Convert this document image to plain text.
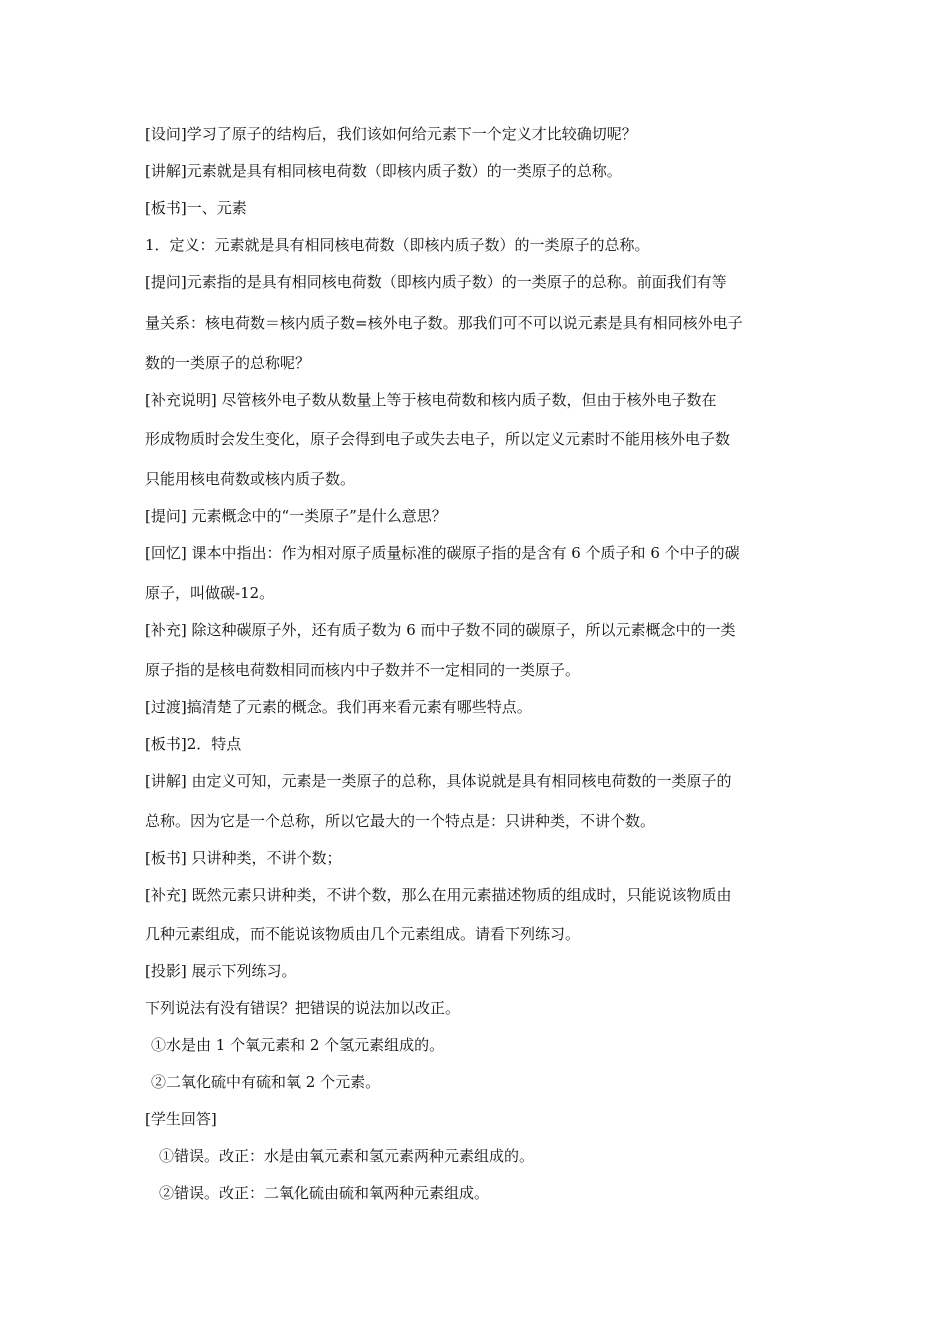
[设问]学习了原子的结构后，我们该如何给元素下一个定义才比较确切呢？

[讲解]元素就是具有相同核电荷数（即核内质子数）的一类原子的总称。

[板书]一、元素

1．定义：元素就是具有相同核电荷数（即核内质子数）的一类原子的总称。

[提问]元素指的是具有相同核电荷数（即核内质子数）的一类原子的总称。前面我们有等

量关系：核电荷数＝核内质子数=核外电子数。那我们可不可以说元素是具有相同核外电子

数的一类原子的总称呢？

[补充说明] 尽管核外电子数从数量上等于核电荷数和核内质子数，但由于核外电子数在

形成物质时会发生变化，原子会得到电子或失去电子，所以定义元素时不能用核外电子数

只能用核电荷数或核内质子数。

[提问] 元素概念中的“一类原子”是什么意思？

[回忆] 课本中指出：作为相对原子质量标准的碳原子指的是含有 6 个质子和 6 个中子的碳

原子，叫做碳-12。

[补充] 除这种碳原子外，还有质子数为 6 而中子数不同的碳原子，所以元素概念中的一类

原子指的是核电荷数相同而核内中子数并不一定相同的一类原子。

[过渡]搞清楚了元素的概念。我们再来看元素有哪些特点。

[板书]2．特点

[讲解] 由定义可知，元素是一类原子的总称，具体说就是具有相同核电荷数的一类原子的

总称。因为它是一个总称，所以它最大的一个特点是：只讲种类，不讲个数。

[板书] 只讲种类，不讲个数；

[补充] 既然元素只讲种类，不讲个数，那么在用元素描述物质的组成时，只能说该物质由

几种元素组成，而不能说该物质由几个元素组成。请看下列练习。

[投影] 展示下列练习。

下列说法有没有错误？把错误的说法加以改正。

①水是由 1 个氧元素和 2 个氢元素组成的。

②二氧化硫中有硫和氧 2 个元素。

[学生回答]

①错误。改正：水是由氧元素和氢元素两种元素组成的。

②错误。改正：二氧化硫由硫和氧两种元素组成。
